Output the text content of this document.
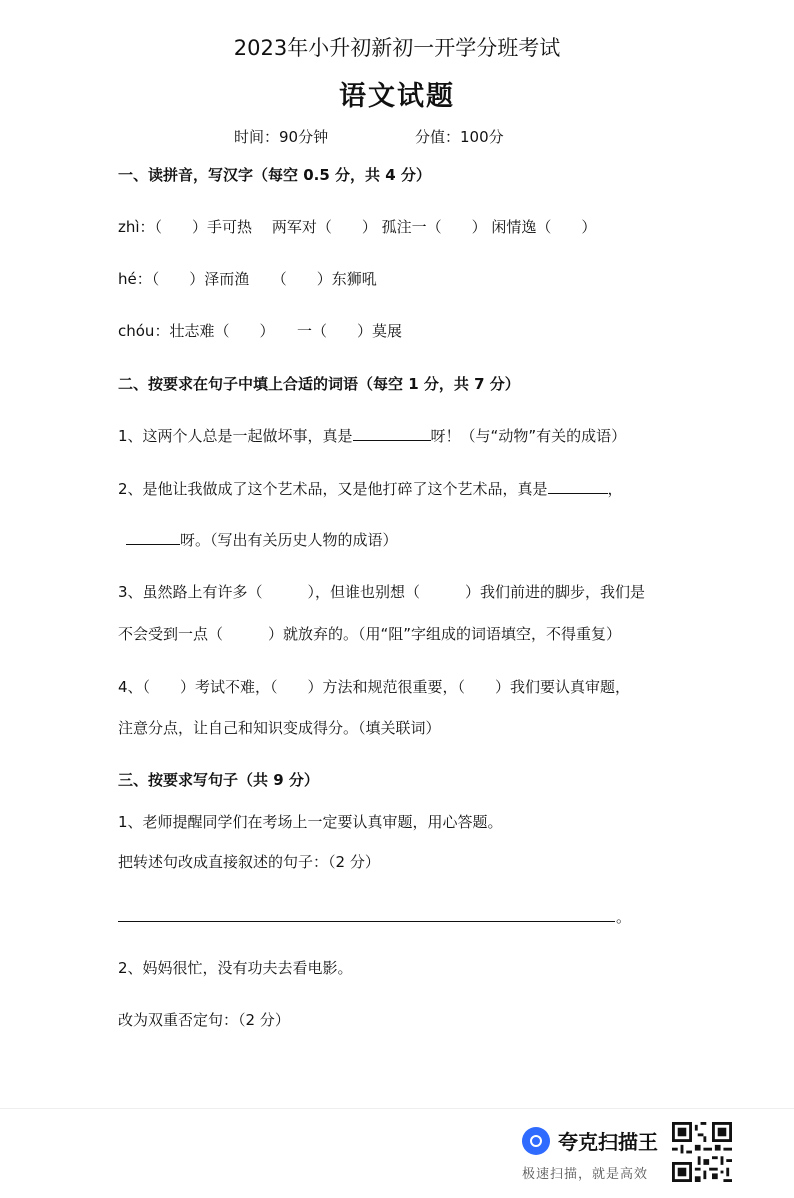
2023年小升初新初一开学分班考试
语文试题
时间：90分钟	分值：100分
一、读拼音，写汉字（每空 0.5 分，共 4 分）
zhì：（　　）手可热　 两军对（　　） 孤注一（　　） 闲情逸（　　）
hé：（　　）泽而渔　　（　　）东狮吼
chóu：壮志难（　　）　　一（　　）莫展
二、按要求在句子中填上合适的词语（每空 1 分，共 7 分）
1、这两个人总是一起做坏事，真是	呀！（与“动物”有关的成语）
2、是他让我做成了这个艺术品，又是他打碎了这个艺术品，真是	，
呀。（写出有关历史人物的成语）
3、虽然路上有许多（　　　），但谁也别想（　　　）我们前进的脚步，我们是
不会受到一点（　　　）就放弃的。（用“阻”字组成的词语填空，不得重复）
4、（　　）考试不难，（　　）方法和规范很重要，（　　）我们要认真审题，
注意分点，让自己和知识变成得分。（填关联词）
三、按要求写句子（共 9 分）
1、老师提醒同学们在考场上一定要认真审题，用心答题。
把转述句改成直接叙述的句子：（2 分）
。
2、妈妈很忙，没有功夫去看电影。
改为双重否定句：（2 分）
夸克扫描王
极速扫描，就是高效
